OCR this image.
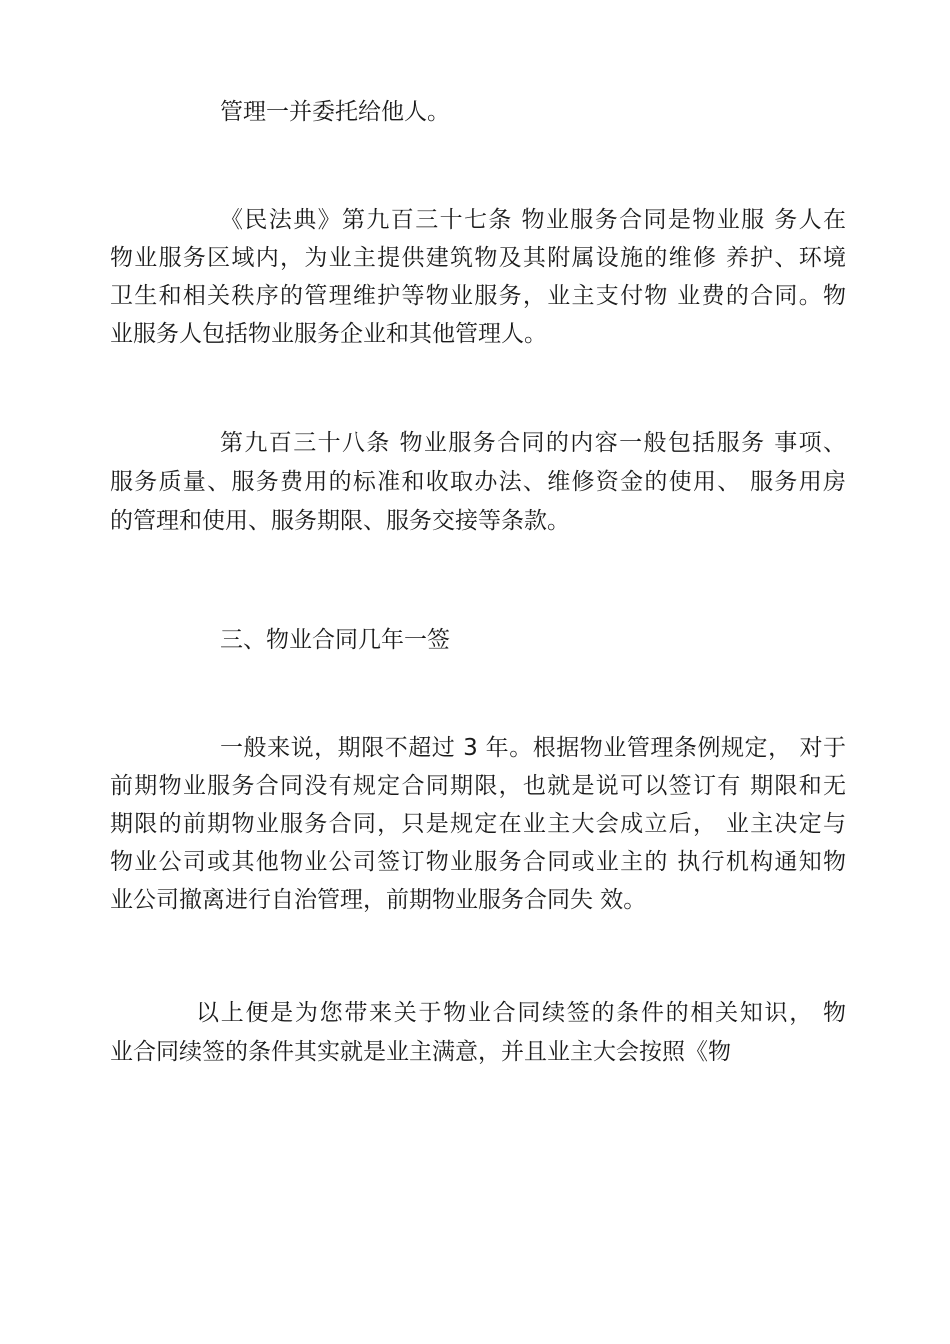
管理一并委托给他人。
《民法典》第九百三十七条 物业服务合同是物业服 务人在
物业服务区域内，为业主提供建筑物及其附属设施的维修 养护、环境
卫生和相关秩序的管理维护等物业服务，业主支付物 业费的合同。物
业服务人包括物业服务企业和其他管理人。
第九百三十八条 物业服务合同的内容一般包括服务 事项、
服务质量、服务费用的标准和收取办法、维修资金的使用、 服务用房
的管理和使用、服务期限、服务交接等条款。
三、物业合同几年一签
一般来说，期限不超过 3 年。根据物业管理条例规定， 对于
前期物业服务合同没有规定合同期限，也就是说可以签订有 期限和无
期限的前期物业服务合同，只是规定在业主大会成立后， 业主决定与
物业公司或其他物业公司签订物业服务合同或业主的 执行机构通知物
业公司撤离进行自治管理，前期物业服务合同失 效。
以上便是为您带来关于物业合同续签的条件的相关知识， 物
业合同续签的条件其实就是业主满意，并且业主大会按照《物
